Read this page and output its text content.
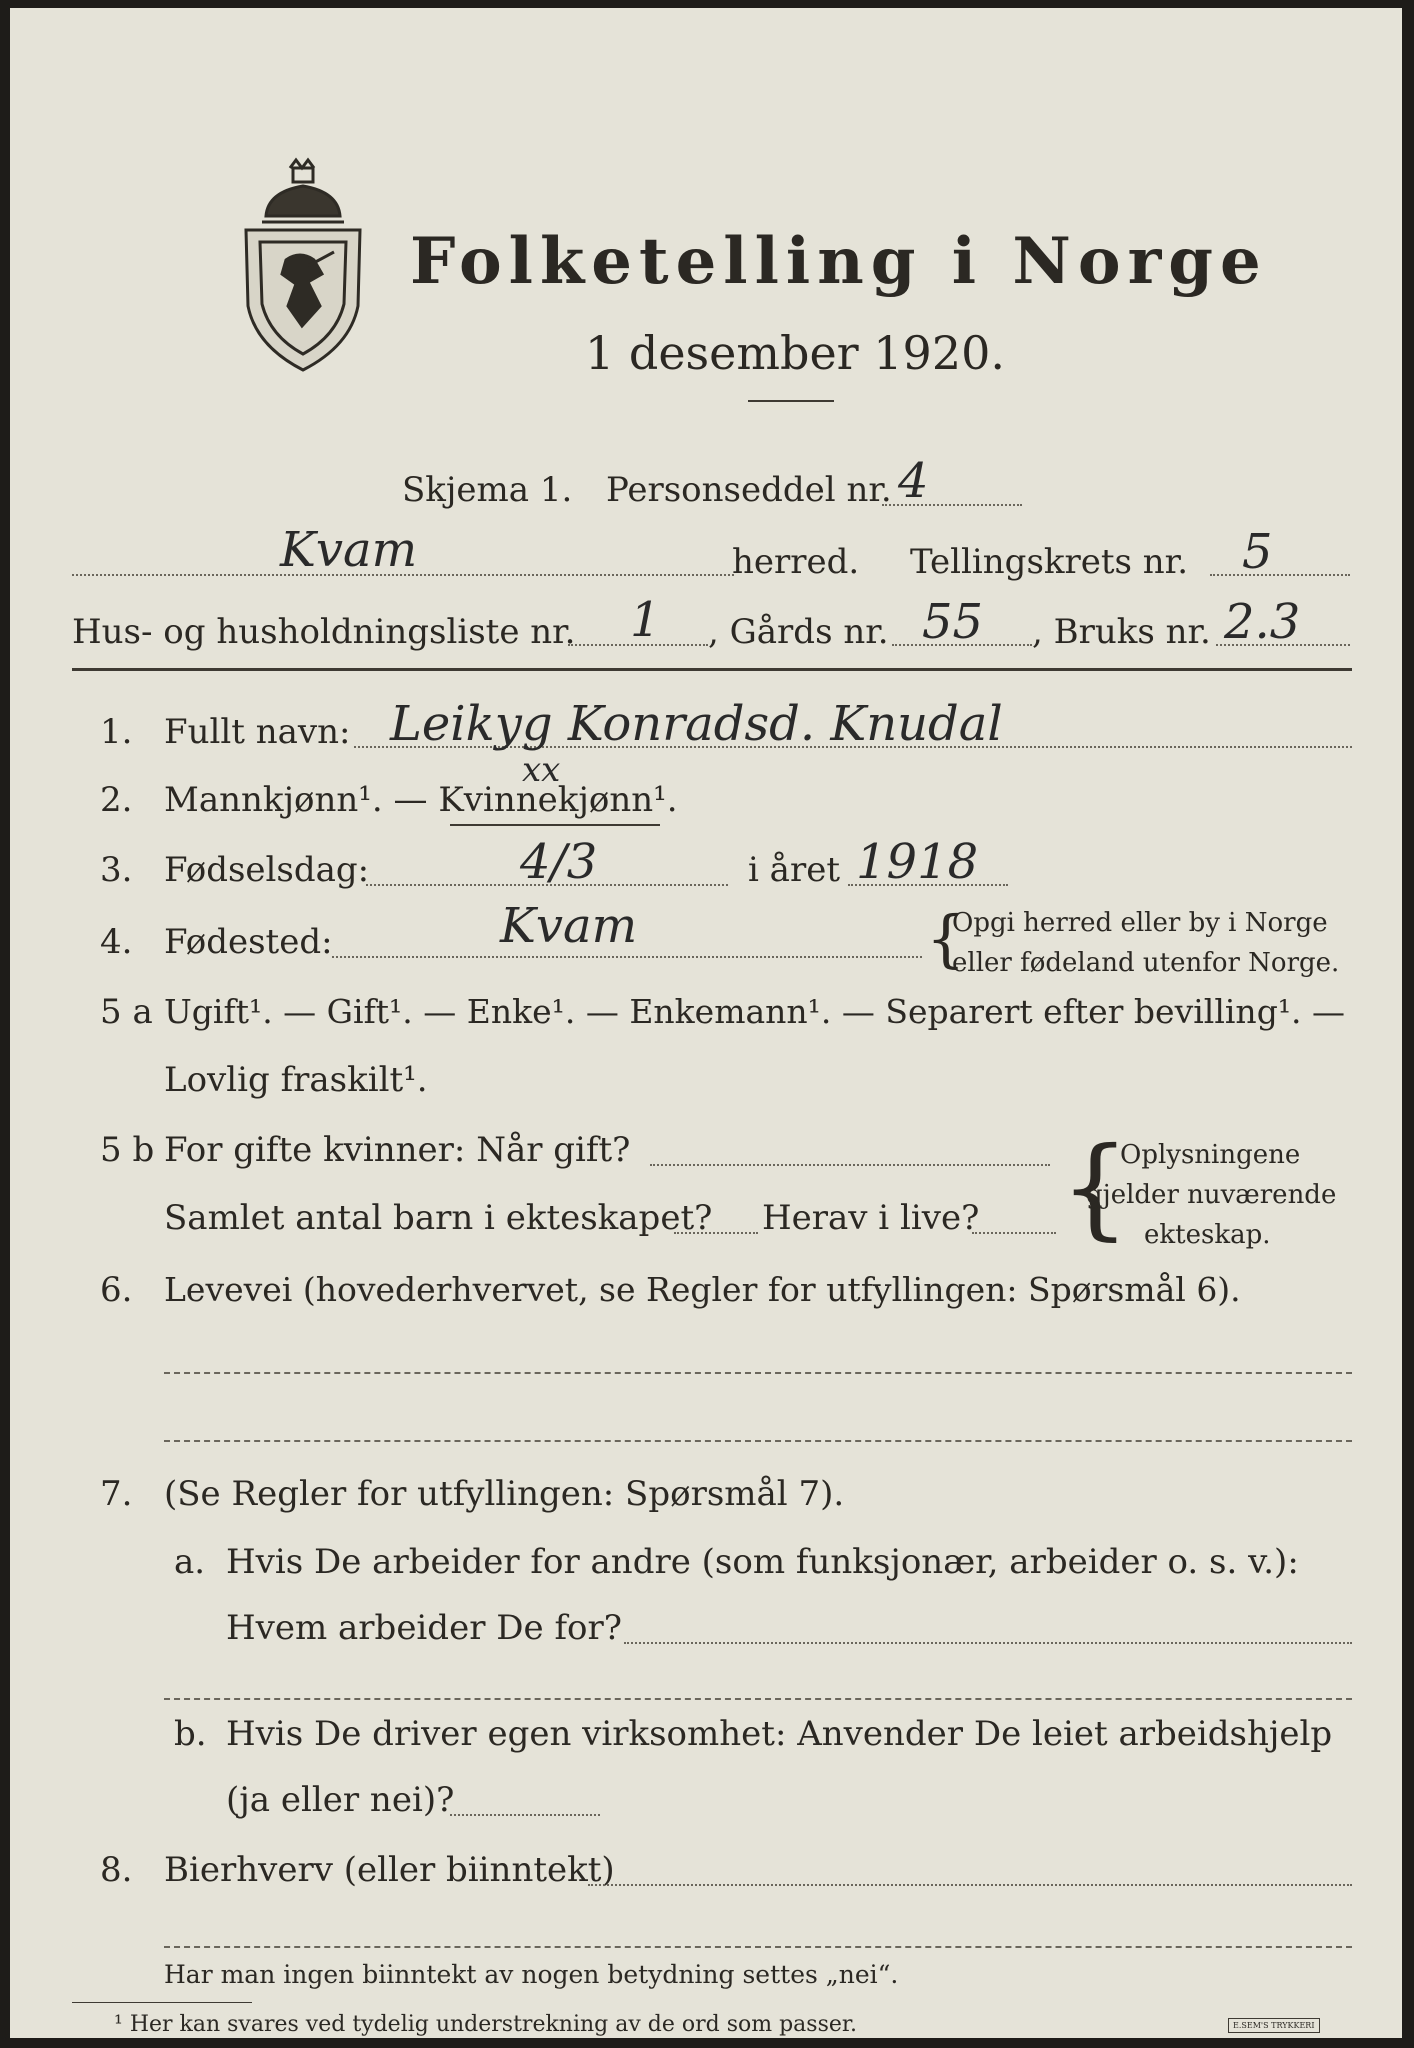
Folketelling i Norge
1 desember 1920.
Skjema 1. Personseddel nr. 4
Kvam	herred. Tellingskrets nr. 5
Hus- og husholdningsliste nr. 1 , Gårds nr. 55 , Bruks nr. 2.3
1. Fullt navn: Leikyg Konradsd. Knudal
2. Mannkjønn¹. — Kvinnekjønn¹.
xx
3. Fødselsdag:	4/3	i året 1918
4. Fødested:	Kvam	{
Opgi herred eller by i Norge
eller fødeland utenfor Norge.
5 a Ugift¹. — Gift¹. — Enke¹. — Enkemann¹. — Separert efter bevilling¹. —
Lovlig fraskilt¹.
5 b For gifte kvinner: Når gift?
Samlet antal barn i ekteskapet? Herav i live? {
Oplysningene
gjelder nuværende
ekteskap.
6. Levevei (hovederhvervet, se Regler for utfyllingen: Spørsmål 6).
7. (Se Regler for utfyllingen: Spørsmål 7).
a. Hvis De arbeider for andre (som funksjonær, arbeider o. s. v.):
Hvem arbeider De for?
b. Hvis De driver egen virksomhet: Anvender De leiet arbeidshjelp
(ja eller nei)?
8. Bierhverv (eller biinntekt)
Har man ingen biinntekt av nogen betydning settes „nei“.
¹ Her kan svares ved tydelig understrekning av de ord som passer.	E.SEM'S TRYKKERI
